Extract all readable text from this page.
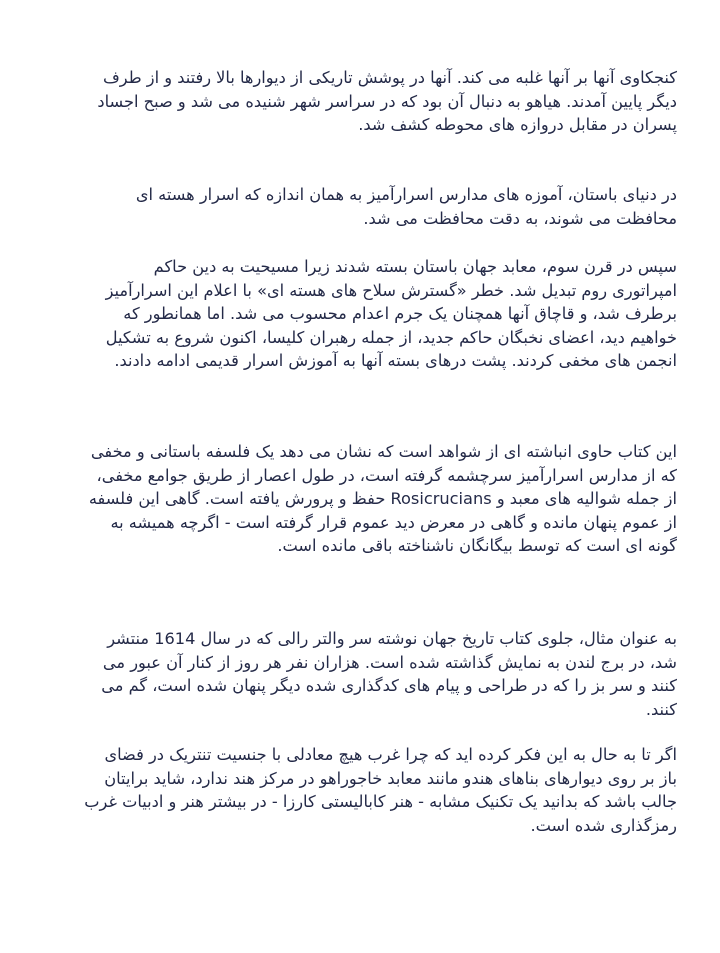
کنجکاوی آنها بر آنها غلبه می کند. آنها در پوشش تاریکی از دیوارها بالا رفتند و از طرف دیگر پایین آمدند. هیاهو به دنبال آن بود که در سراسر شهر شنیده می شد و صبح اجساد پسران در مقابل دروازه های محوطه کشف شد.

در دنیای باستان، آموزه های مدارس اسرارآمیز به همان اندازه که اسرار هسته ای محافظت می شوند، به دقت محافظت می شد.

سپس در قرن سوم، معابد جهان باستان بسته شدند زیرا مسیحیت به دین حاکم امپراتوری روم تبدیل شد. خطر «گسترش سلاح های هسته ای» با اعلام این اسرارآمیز برطرف شد، و قاچاق آنها همچنان یک جرم اعدام محسوب می شد. اما همانطور که خواهیم دید، اعضای نخبگان حاکم جدید، از جمله رهبران کلیسا، اکنون شروع به تشکیل انجمن های مخفی کردند. پشت درهای بسته آنها به آموزش اسرار قدیمی ادامه دادند.

این کتاب حاوی انباشته ای از شواهد است که نشان می دهد یک فلسفه باستانی و مخفی که از مدارس اسرارآمیز سرچشمه گرفته است، در طول اعصار از طریق جوامع مخفی، از جمله شوالیه های معبد و Rosicrucians حفظ و پرورش یافته است. گاهی این فلسفه از عموم پنهان مانده و گاهی در معرض دید عموم قرار گرفته است - اگرچه همیشه به گونه ای است که توسط بیگانگان ناشناخته باقی مانده است.

به عنوان مثال، جلوی کتاب تاریخ جهان نوشته سر والتر رالی که در سال 1614 منتشر شد، در برج لندن به نمایش گذاشته شده است. هزاران نفر هر روز از کنار آن عبور می کنند و سر بز را که در طراحی و پیام های کدگذاری شده دیگر پنهان شده است، گم می کنند.

اگر تا به حال به این فکر کرده اید که چرا غرب هیچ معادلی با جنسیت تنتریک در فضای باز بر روی دیوارهای بناهای هندو مانند معابد خاجوراهو در مرکز هند ندارد، شاید برایتان جالب باشد که بدانید یک تکنیک مشابه - هنر کابالیستی کارزا - در بیشتر هنر و ادبیات غرب رمزگذاری شده است.
